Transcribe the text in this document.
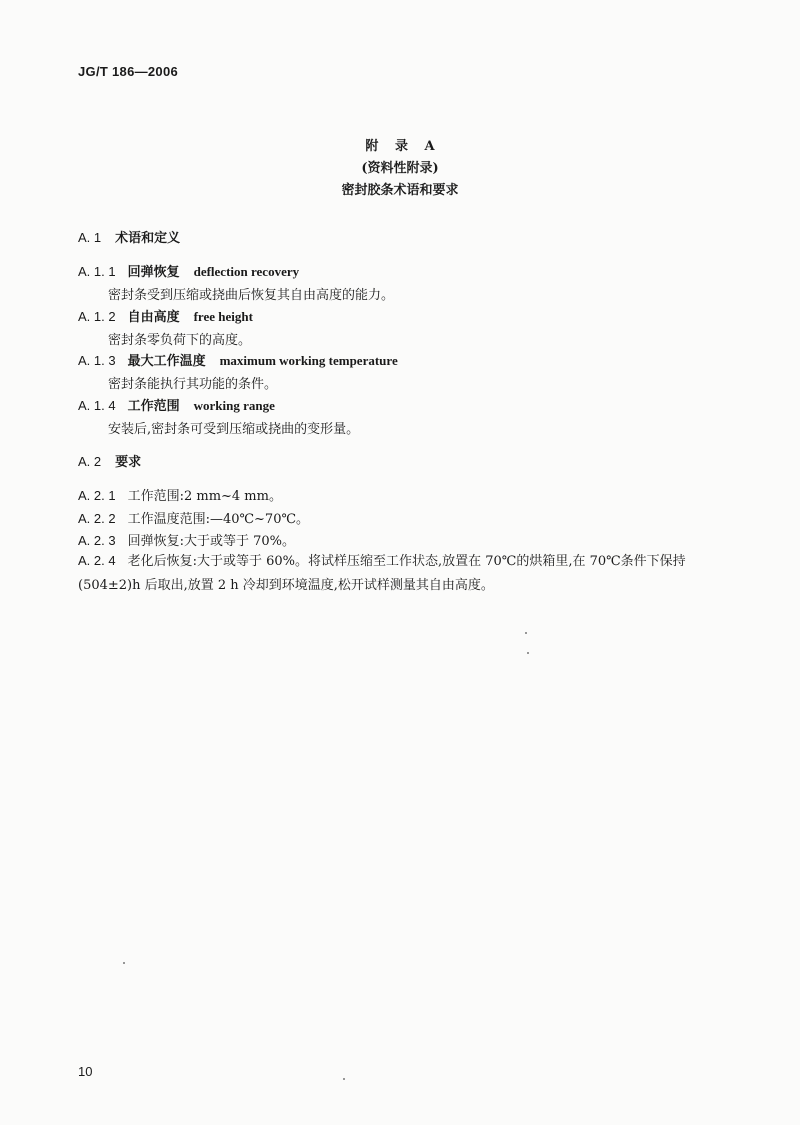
JG/T 186—2006
附 录 A
(资料性附录)
密封胶条术语和要求
A. 1 术语和定义
A. 1. 1 回弹恢复 deflection recovery
密封条受到压缩或挠曲后恢复其自由高度的能力。
A. 1. 2 自由高度 free height
密封条零负荷下的高度。
A. 1. 3 最大工作温度 maximum working temperature
密封条能执行其功能的条件。
A. 1. 4 工作范围 working range
安装后,密封条可受到压缩或挠曲的变形量。
A. 2 要求
A. 2. 1 工作范围:2 mm~4 mm。
A. 2. 2 工作温度范围:—40℃~70℃。
A. 2. 3 回弹恢复:大于或等于 70%。
A. 2. 4 老化后恢复:大于或等于 60%。将试样压缩至工作状态,放置在 70℃的烘箱里,在 70℃条件下保持(504±2)h 后取出,放置 2 h 冷却到环境温度,松开试样测量其自由高度。
10
